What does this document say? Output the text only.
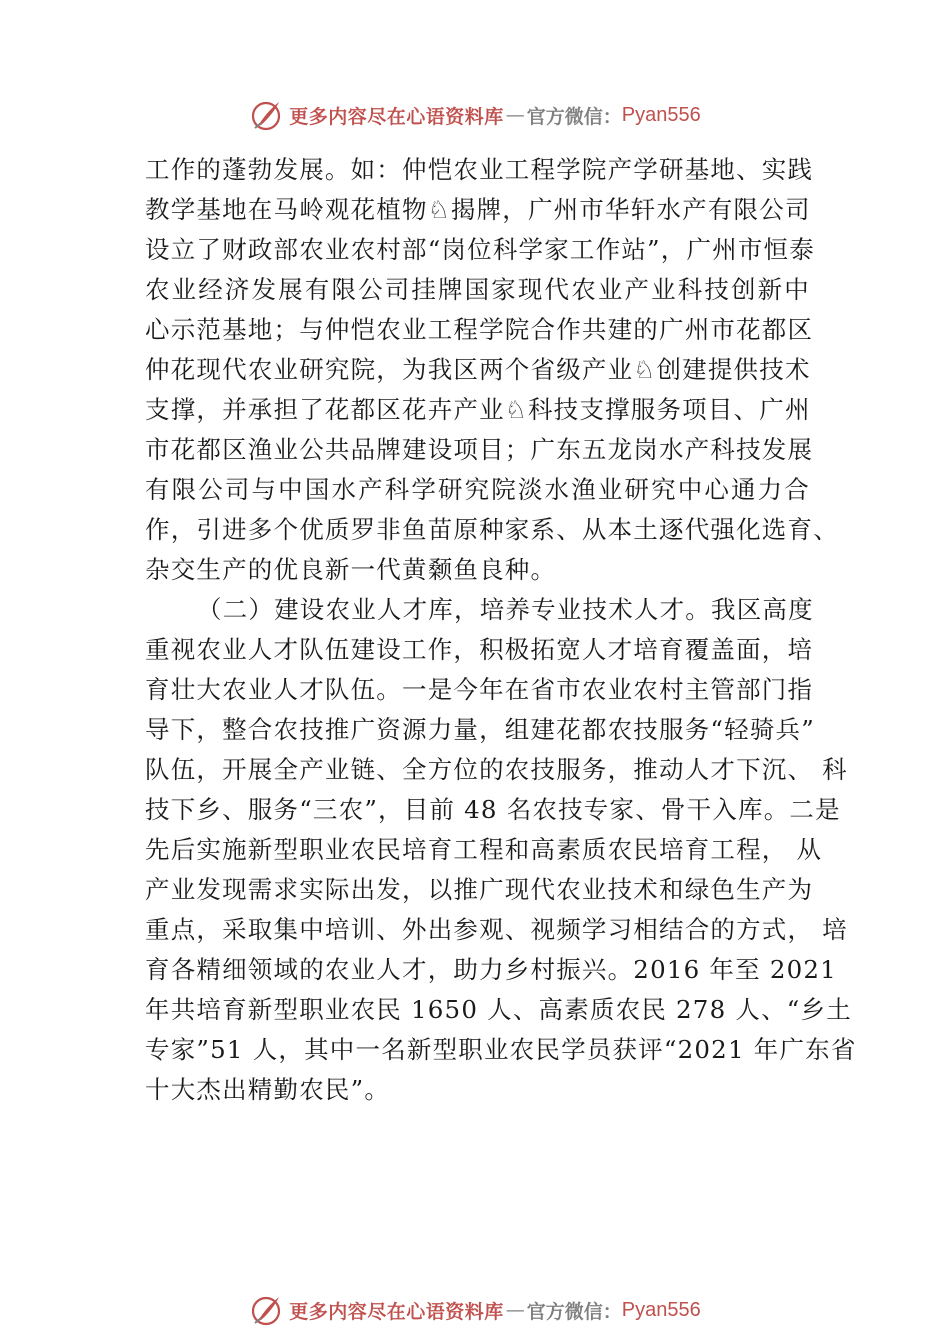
更多内容尽在心语资料库 — 官方微信： Pyan556
工作的蓬勃发展。如：仲恺农业工程学院产学研基地、实践
教学基地在马岭观花植物♘揭牌，广州市华轩水产有限公司
设立了财政部农业农村部“岗位科学家工作站”，广州市恒泰
农业经济发展有限公司挂牌国家现代农业产业科技创新中
心示范基地；与仲恺农业工程学院合作共建的广州市花都区
仲花现代农业研究院，为我区两个省级产业♘创建提供技术
支撑，并承担了花都区花卉产业♘科技支撑服务项目、广州
市花都区渔业公共品牌建设项目；广东五龙岗水产科技发展
有限公司与中国水产科学研究院淡水渔业研究中心通力合
作，引进多个优质罗非鱼苗原种家系、从本土逐代强化选育、
杂交生产的优良新一代黄颡鱼良种。
（二）建设农业人才库，培养专业技术人才。我区高度
重视农业人才队伍建设工作，积极拓宽人才培育覆盖面，培
育壮大农业人才队伍。一是今年在省市农业农村主管部门指
导下，整合农技推广资源力量，组建花都农技服务“轻骑兵”
队伍，开展全产业链、全方位的农技服务，推动人才下沉、 科
技下乡、服务“三农”，目前 48 名农技专家、骨干入库。二是
先后实施新型职业农民培育工程和高素质农民培育工程， 从
产业发现需求实际出发，以推广现代农业技术和绿色生产为
重点，采取集中培训、外出参观、视频学习相结合的方式， 培
育各精细领域的农业人才，助力乡村振兴。2016 年至 2021
年共培育新型职业农民 1650 人、高素质农民 278 人、“乡土
专家”51 人，其中一名新型职业农民学员获评“2021 年广东省
十大杰出精勤农民”。
更多内容尽在心语资料库 — 官方微信： Pyan556
